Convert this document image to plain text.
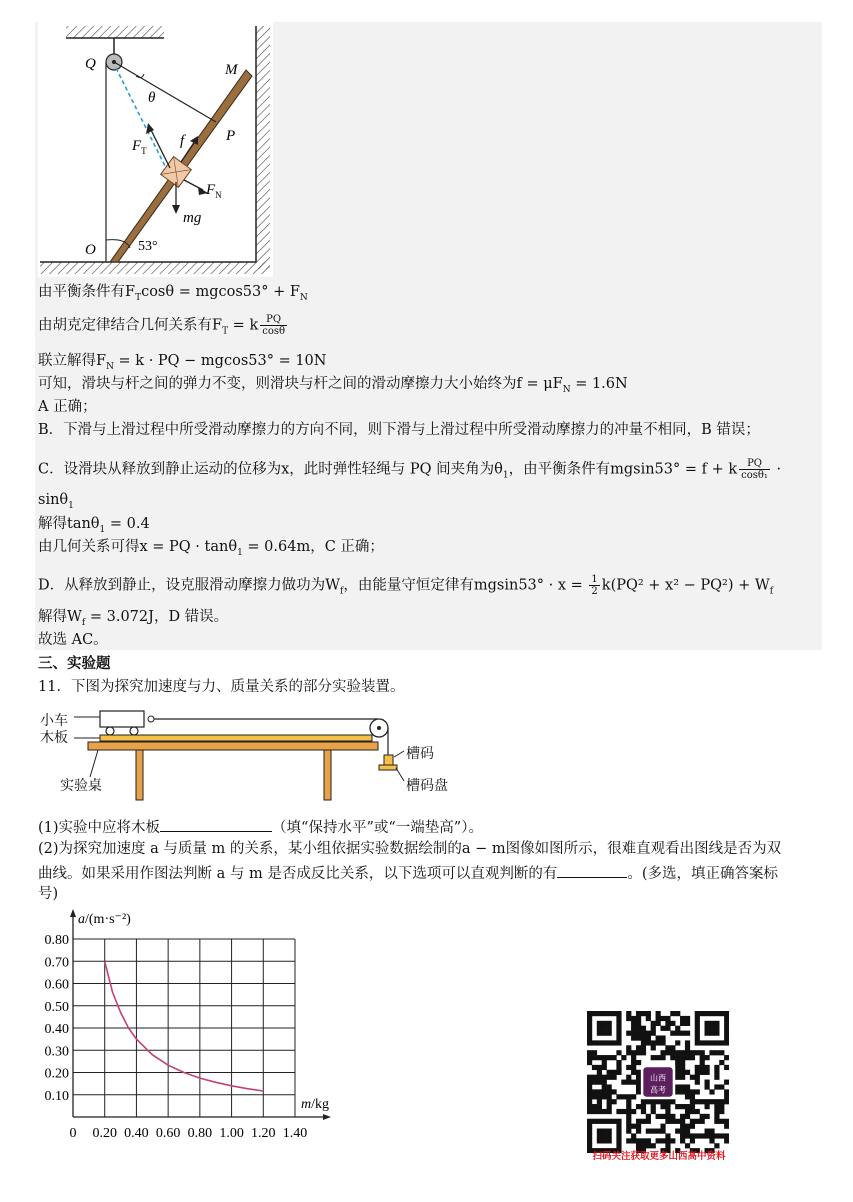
Q	M
θ
P
f
$F_T$
$F_N$
mg
O	53°
由平衡条件有$F_T\cos\theta = mgcos53^\circ + F_N$
由胡克定律结合几何关系有$F_T = k \frac{PQ}{\cos\theta}$
联立解得$F_N = k$ · PQ − mgcos53° = 10N
可知，滑块与杆之间的弹力不变，则滑块与杆之间的滑动摩擦力大小始终为$f = \mu F_N = 1.6N$
A 正确；
B．下滑与上滑过程中所受滑动摩擦力的方向不同，则下滑与上滑过程中所受滑动摩擦力的冲量不相同，B 错误；
C．设滑块从释放到静止运动的位移为x，此时弹性轻绳与 PQ 间夹角为$\theta_1$，由平衡条件有mgsin53° = f + k $\frac{PQ}{\text{cosθ₁}}$ ·
sinθ$_1$
解得tanθ$_1$ = 0.4
由几何关系可得x = PQ · tanθ$_1$ = 0.64m，C 正确；
D．从释放到静止，设克服滑动摩擦力做功为$W_f$，由能量守恒定律有$mgsin53^\circ \cdot x = \frac{1}{2} k(PQ^2 + x^2 - PQ^2) + W_f$
解得$W_f = 3.072J$，D 错误。
故选 AC。
三、实验题
11．下图为探究加速度与力、质量关系的部分实验装置。
小车
木板
实验桌
槽码
槽码盘
(1)实验中应将木板	（填“保持水平”或“一端垫高”）。
(2)为探究加速度 a 与质量 m 的关系，某小组依据实验数据绘制的a − m图像如图所示，很难直观看出图线是否为双
曲线。如果采用作图法判断 a 与 m 是否成反比关系，以下选项可以直观判断的有	。(多选，填正确答案标
号)
0.20 0.40 0.60 0.80 1.00 1.20 1.40
0.80
0.70
0.60
0.50
0.40
0.30
0.20
0.10
0
a/(m·s⁻²)
m/kg
山西
高考
扫码关注获取更多山西高中资料
